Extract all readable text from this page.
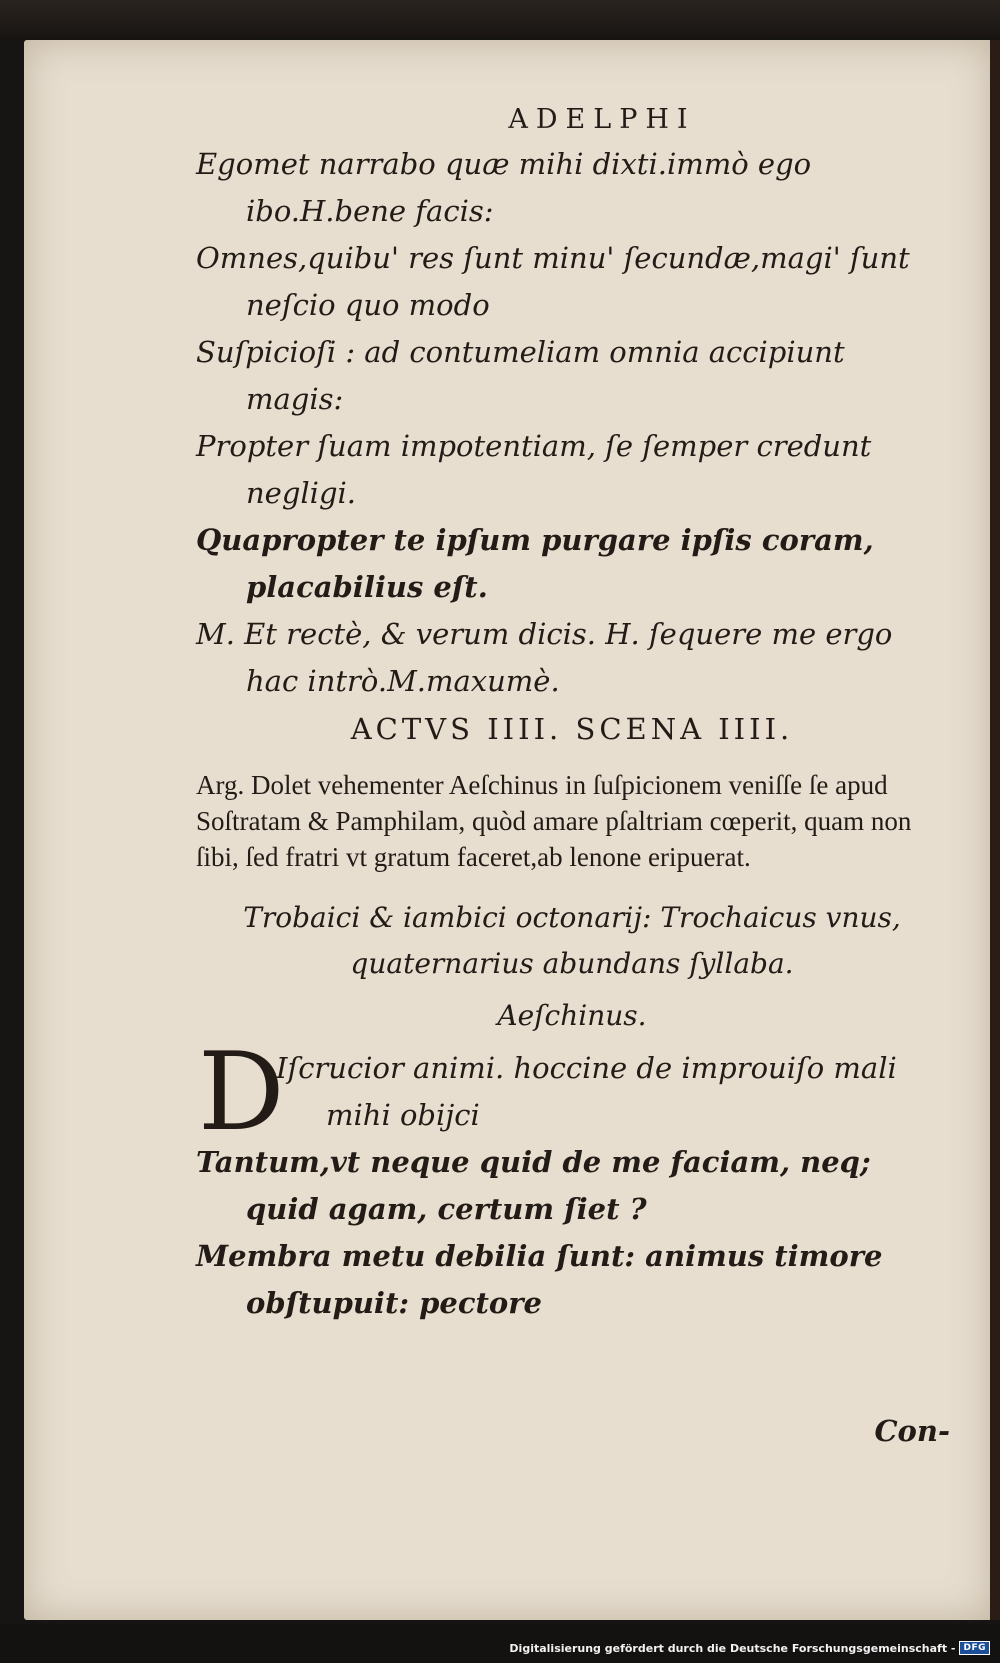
ADELPHI
Egomet narrabo quæ mihi dixti.immò ego ibo.H.bene facis:
Omnes,quibu' res ſunt minu' ſecundæ,magi' ſunt neſcio quo modo
Suſpicioſi : ad contumeliam omnia accipiunt magis:
Propter ſuam impotentiam, ſe ſemper credunt negligi.
Quapropter te ipſum purgare ipſis coram, placabilius eſt.
M. Et rectè, & verum dicis. H. ſequere me ergo hac intrò.M.maxumè.
ACTVS IIII. SCENA IIII.
Arg. Dolet vehementer Aeſchinus in ſuſpicionem veniſſe ſe apud Soſtratam & Pamphilam, quòd amare pſaltriam cœperit, quam non ſibi, ſed fratri vt gratum faceret,ab lenone eripuerat.
Trobaici & iambici octonarij: Trochaicus vnus, quaternarius abundans ſyllaba.
Aeſchinus.
D
Iſcrucior animi. hoccine de improuiſo mali
mihi obijci
Tantum,vt neque quid de me faciam, neq; quid agam, certum ſiet ?
Membra metu debilia ſunt: animus timore obſtupuit: pectore
Con-
Digitalisierung gefördert durch die Deutsche Forschungsgemeinschaft - DFG
